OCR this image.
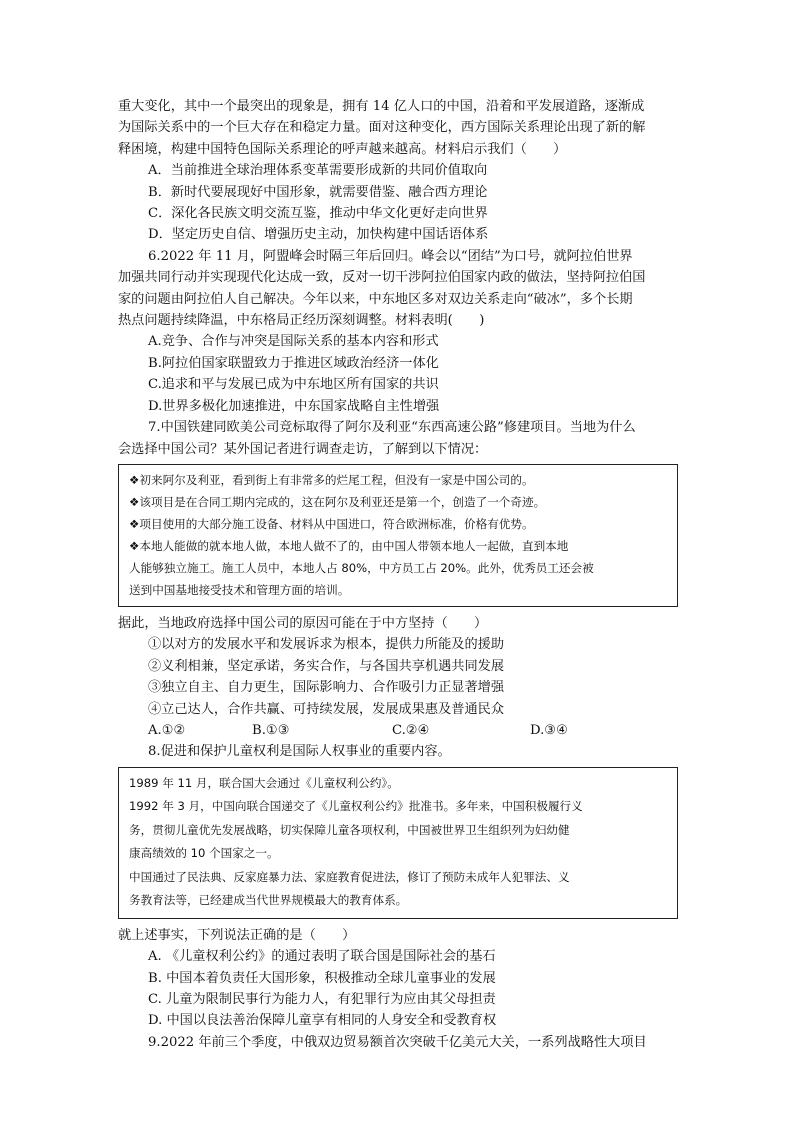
重大变化，其中一个最突出的现象是，拥有 14 亿人口的中国，沿着和平发展道路，逐渐成

为国际关系中的一个巨大存在和稳定力量。面对这种变化，西方国际关系理论出现了新的解

释困境，构建中国特色国际关系理论的呼声越来越高。材料启示我们（　　）

A．当前推进全球治理体系变革需要形成新的共同价值取向

B．新时代要展现好中国形象，就需要借鉴、融合西方理论

C．深化各民族文明交流互鉴，推动中华文化更好走向世界

D．坚定历史自信、增强历史主动，加快构建中国话语体系

6.2022 年 11 月，阿盟峰会时隔三年后回归。峰会以“团结”为口号，就阿拉伯世界

加强共同行动并实现现代化达成一致，反对一切干涉阿拉伯国家内政的做法，坚持阿拉伯国

家的问题由阿拉伯人自己解决。今年以来，中东地区多对双边关系走向“破冰”，多个长期

热点问题持续降温，中东格局正经历深刻调整。材料表明(　　)

A.竞争、合作与冲突是国际关系的基本内容和形式

B.阿拉伯国家联盟致力于推进区域政治经济一体化

C.追求和平与发展已成为中东地区所有国家的共识

D.世界多极化加速推进，中东国家战略自主性增强

7.中国铁建同欧美公司竞标取得了阿尔及利亚“东西高速公路”修建项目。当地为什么

会选择中国公司？某外国记者进行调查走访，了解到以下情况：

❖初来阿尔及利亚，看到街上有非常多的烂尾工程，但没有一家是中国公司的。

❖该项目是在合同工期内完成的，这在阿尔及利亚还是第一个，创造了一个奇迹。

❖项目使用的大部分施工设备、材料从中国进口，符合欧洲标准，价格有优势。

❖本地人能做的就本地人做，本地人做不了的，由中国人带领本地人一起做，直到本地

人能够独立施工。施工人员中，本地人占 80%，中方员工占 20%。此外，优秀员工还会被

送到中国基地接受技术和管理方面的培训。

据此，当地政府选择中国公司的原因可能在于中方坚持（　　）

①以对方的发展水平和发展诉求为根本，提供力所能及的援助

②义利相兼，坚定承诺，务实合作，与各国共享机遇共同发展

③独立自主、自力更生，国际影响力、合作吸引力正显著增强

④立己达人，合作共赢、可持续发展，发展成果惠及普通民众

A.①②	B.①③	C.②④	D.③④

8.促进和保护儿童权利是国际人权事业的重要内容。

1989 年 11 月，联合国大会通过《儿童权利公约》。

1992 年 3 月，中国向联合国递交了《儿童权利公约》批准书。多年来，中国积极履行义

务，贯彻儿童优先发展战略，切实保障儿童各项权利，中国被世界卫生组织列为妇幼健

康高绩效的 10 个国家之一。

中国通过了民法典、反家庭暴力法、家庭教育促进法，修订了预防未成年人犯罪法、义

务教育法等，已经建成当代世界规模最大的教育体系。

就上述事实，下列说法正确的是（　　）

A. 《儿童权利公约》的通过表明了联合国是国际社会的基石

B. 中国本着负责任大国形象，积极推动全球儿童事业的发展

C. 儿童为限制民事行为能力人，有犯罪行为应由其父母担责

D. 中国以良法善治保障儿童享有相同的人身安全和受教育权

9.2022 年前三个季度，中俄双边贸易额首次突破千亿美元大关，一系列战略性大项目
